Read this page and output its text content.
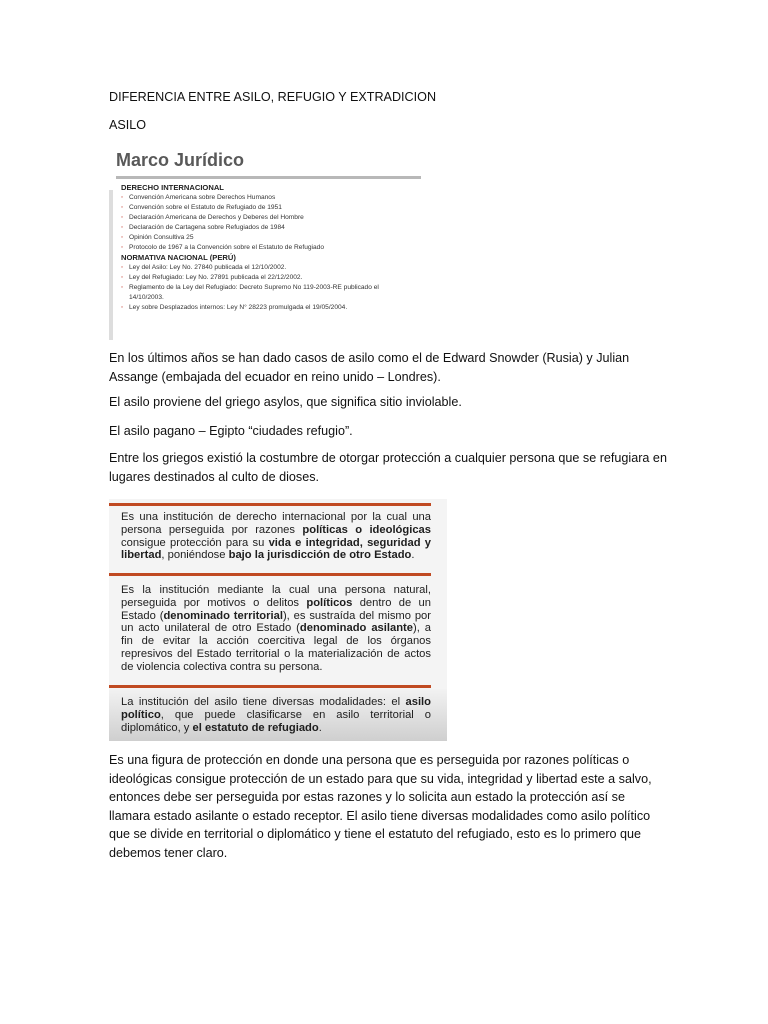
DIFERENCIA ENTRE ASILO, REFUGIO Y EXTRADICION

ASILO

Marco Jurídico
DERECHO INTERNACIONAL
◦ Convención Americana sobre Derechos Humanos
◦ Convención sobre el Estatuto de Refugiado de 1951
◦ Declaración Americana de Derechos y Deberes del Hombre
◦ Declaración de Cartagena sobre Refugiados de 1984
◦ Opinión Consultiva 25
◦ Protocolo de 1967 a la Convención sobre el Estatuto de Refugiado
NORMATIVA NACIONAL (PERÚ)
◦ Ley del Asilo: Ley No. 27840 publicada el 12/10/2002.
◦ Ley del Refugiado: Ley No. 27891 publicada el 22/12/2002.
◦ Reglamento de la Ley del Refugiado: Decreto Supremo No 119-2003-RE publicado el 14/10/2003.
◦ Ley sobre Desplazados internos: Ley N° 28223 promulgada el 19/05/2004.

En los últimos años se han dado casos de asilo como el de Edward Snowder (Rusia) y Julian Assange (embajada del ecuador en reino unido – Londres).

El asilo proviene del griego asylos, que significa sitio inviolable.

El asilo pagano – Egipto “ciudades refugio”.

Entre los griegos existió la costumbre de otorgar protección a cualquier persona que se refugiara en lugares destinados al culto de dioses.

Es una institución de derecho internacional por la cual una persona perseguida por razones políticas o ideológicas consigue protección para su vida e integridad, seguridad y libertad, poniéndose bajo la jurisdicción de otro Estado.

Es la institución mediante la cual una persona natural, perseguida por motivos o delitos políticos dentro de un Estado (denominado territorial), es sustraída del mismo por un acto unilateral de otro Estado (denominado asilante), a fin de evitar la acción coercitiva legal de los órganos represivos del Estado territorial o la materialización de actos de violencia colectiva contra su persona.

La institución del asilo tiene diversas modalidades: el asilo político, que puede clasificarse en asilo territorial o diplomático, y el estatuto de refugiado.

Es una figura de protección en donde una persona que es perseguida por razones políticas o ideológicas consigue protección de un estado para que su vida, integridad y libertad este a salvo, entonces debe ser perseguida por estas razones y lo solicita aun estado la protección así se llamara estado asilante o estado receptor. El asilo tiene diversas modalidades como asilo político que se divide en territorial o diplomático y tiene el estatuto del refugiado, esto es lo primero que debemos tener claro.
